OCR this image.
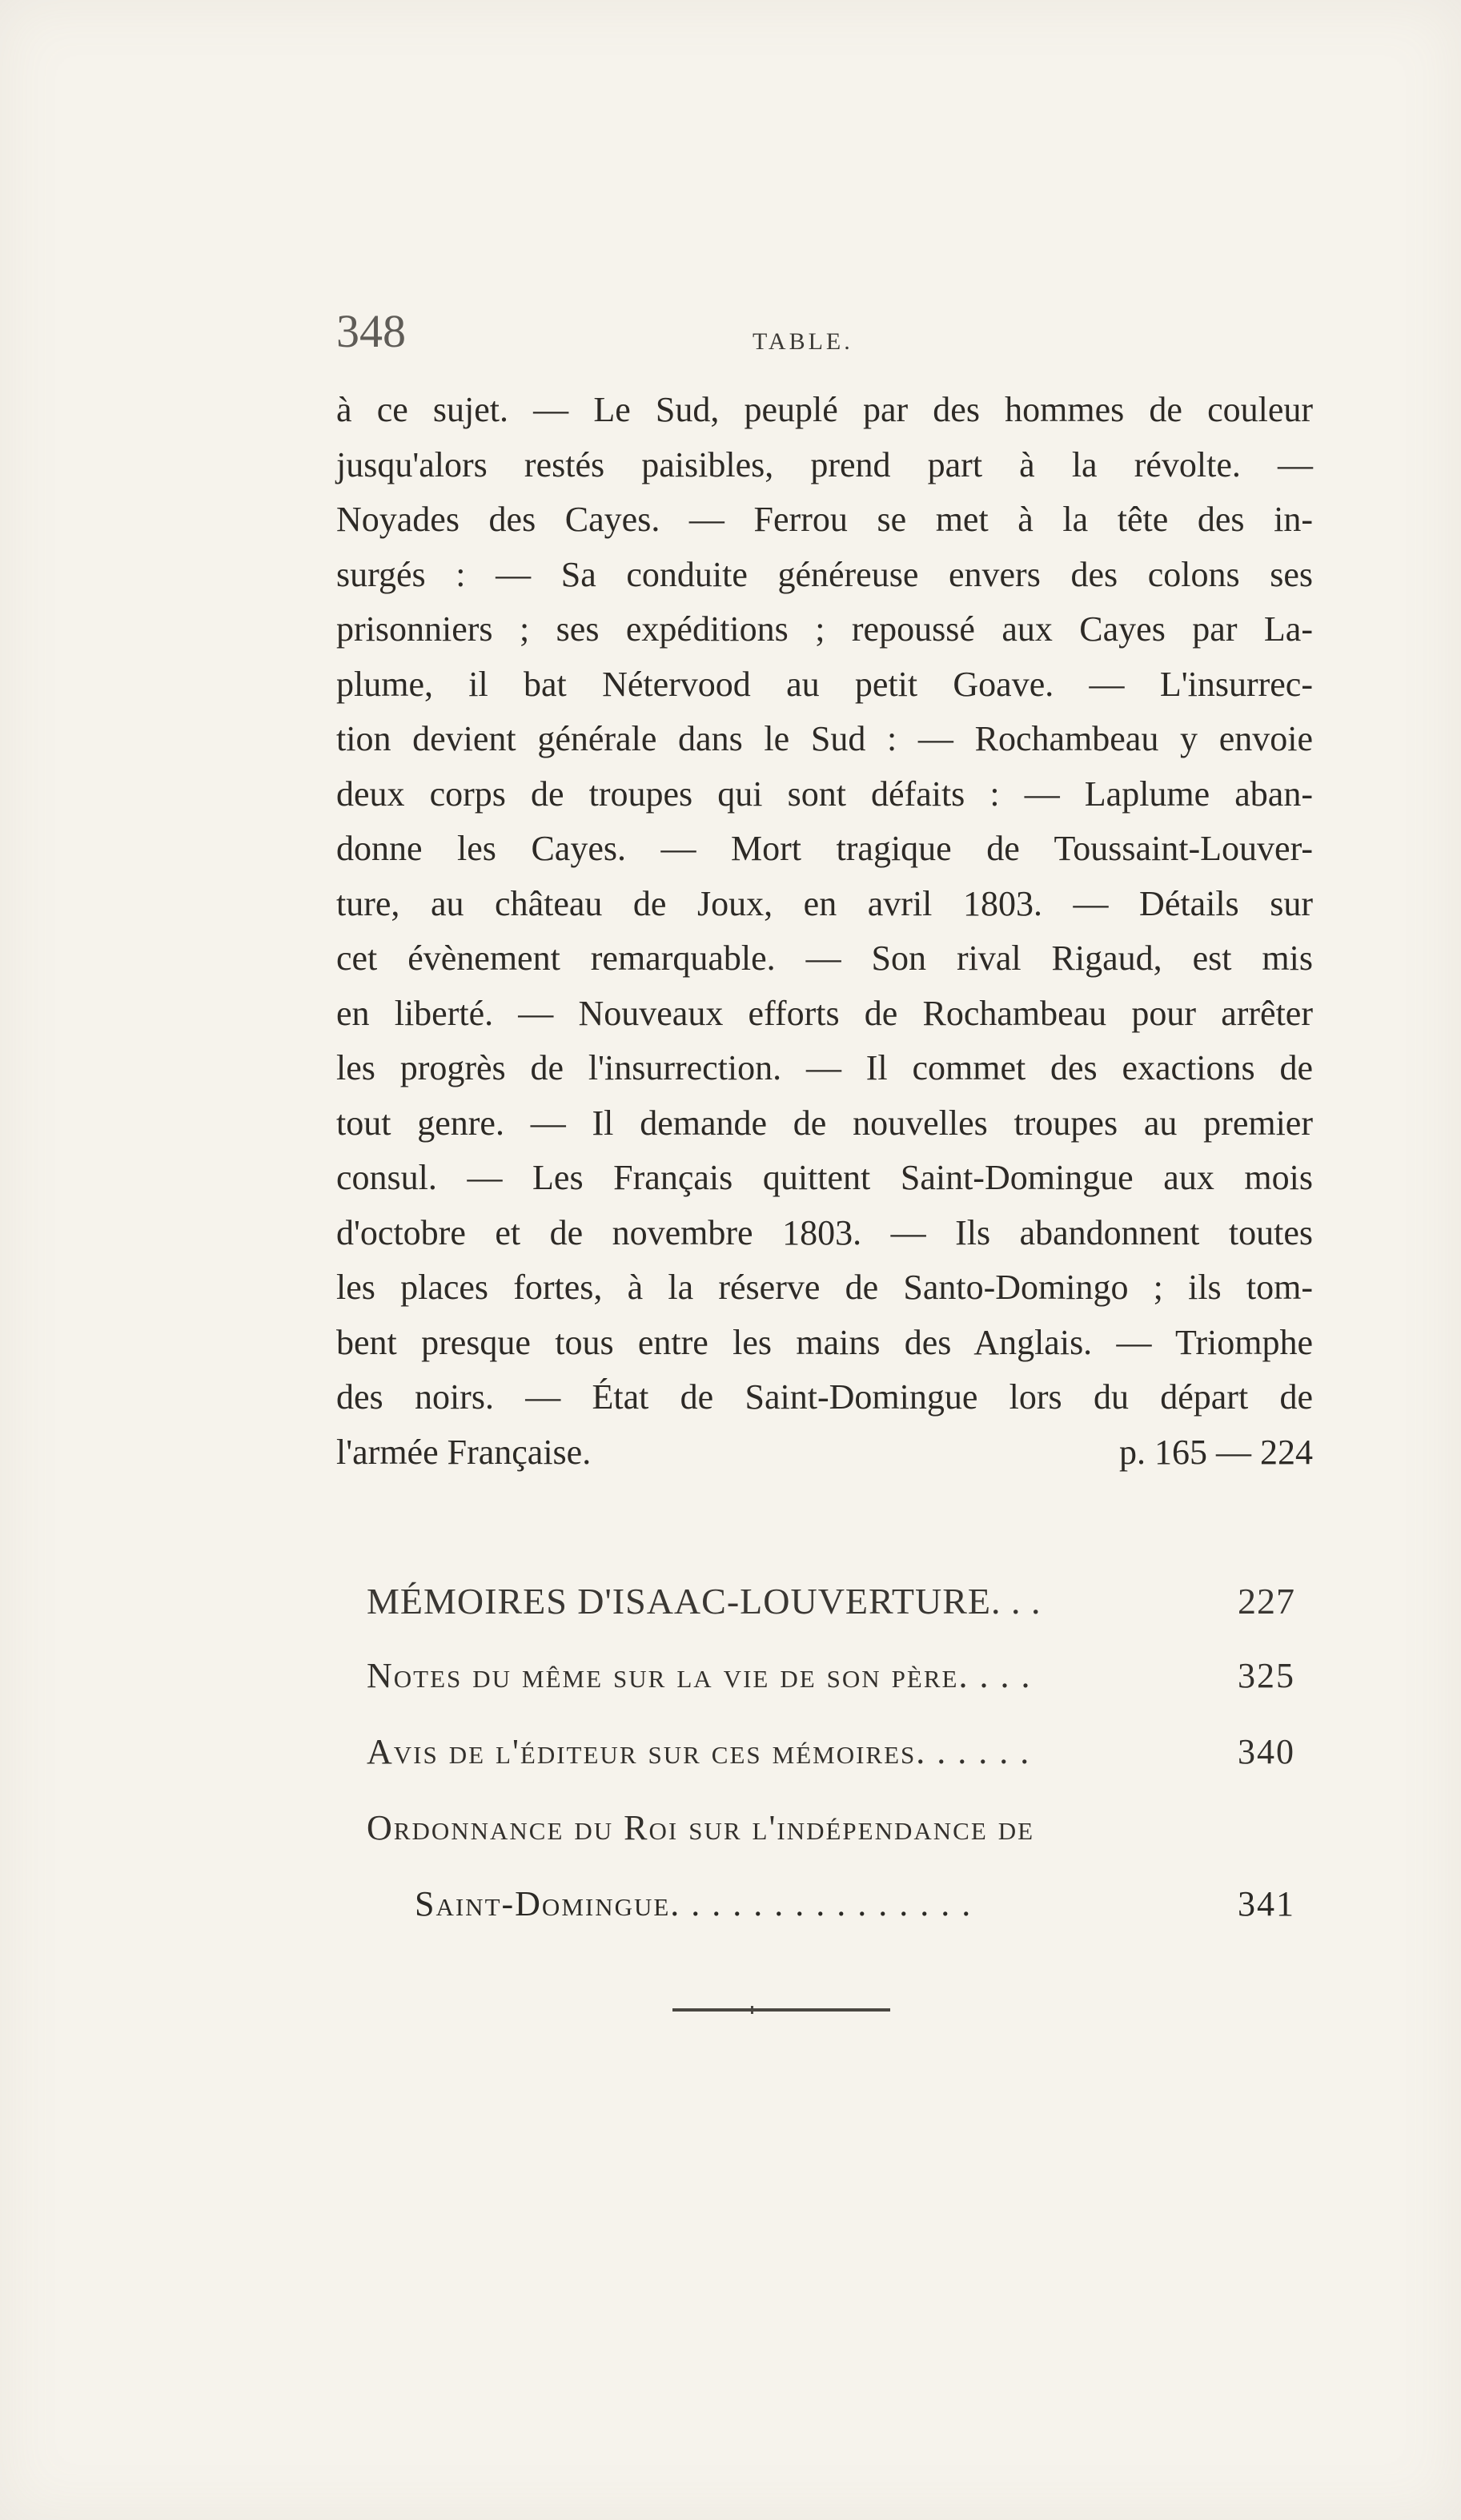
348	TABLE.
à ce sujet. — Le Sud, peuplé par des hommes de couleur
jusqu'alors restés paisibles, prend part à la révolte. —
Noyades des Cayes. — Ferrou se met à la tête des in-
surgés : — Sa conduite généreuse envers des colons ses
prisonniers ; ses expéditions ; repoussé aux Cayes par La-
plume, il bat Nétervood au petit Goave. — L'insurrec-
tion devient générale dans le Sud : — Rochambeau y envoie
deux corps de troupes qui sont défaits : — Laplume aban-
donne les Cayes. — Mort tragique de Toussaint-Louver-
ture, au château de Joux, en avril 1803. — Détails sur
cet évènement remarquable. — Son rival Rigaud, est mis
en liberté. — Nouveaux efforts de Rochambeau pour arrêter
les progrès de l'insurrection. — Il commet des exactions de
tout genre. — Il demande de nouvelles troupes au premier
consul. — Les Français quittent Saint-Domingue aux mois
d'octobre et de novembre 1803. — Ils abandonnent toutes
les places fortes, à la réserve de Santo-Domingo ; ils tom-
bent presque tous entre les mains des Anglais. — Triomphe
des noirs. — État de Saint-Domingue lors du départ de
l'armée Française.	p. 165 — 224
MÉMOIRES D'ISAAC-LOUVERTURE. . .	227
Notes du même sur la vie de son père. . . .	325
Avis de l'éditeur sur ces mémoires. . . . . .	340
Ordonnance du Roi sur l'indépendance de
Saint-Domingue. . . . . . . . . . . . . . .	341
